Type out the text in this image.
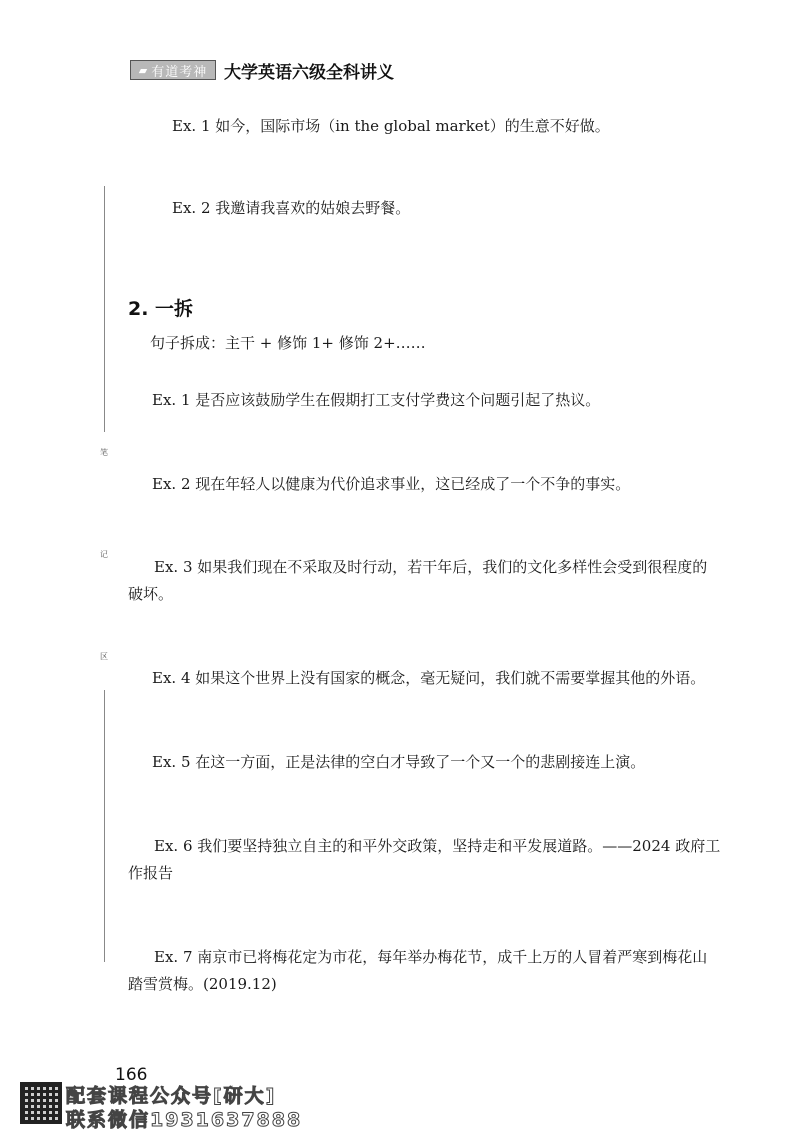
▰ 有道考神 大学英语六级全科讲义
笔
记
区
Ex. 1 如今，国际市场（in the global market）的生意不好做。
Ex. 2 我邀请我喜欢的姑娘去野餐。
2. 一拆
句子拆成：主干 + 修饰 1+ 修饰 2+……
Ex. 1 是否应该鼓励学生在假期打工支付学费这个问题引起了热议。
Ex. 2 现在年轻人以健康为代价追求事业，这已经成了一个不争的事实。
Ex. 3 如果我们现在不采取及时行动，若干年后，我们的文化多样性会受到很程度的
破坏。
Ex. 4 如果这个世界上没有国家的概念，毫无疑问，我们就不需要掌握其他的外语。
Ex. 5 在这一方面，正是法律的空白才导致了一个又一个的悲剧接连上演。
Ex. 6 我们要坚持独立自主的和平外交政策，坚持走和平发展道路。——2024 政府工
作报告
Ex. 7 南京市已将梅花定为市花，每年举办梅花节，成千上万的人冒着严寒到梅花山
踏雪赏梅。(2019.12)
166
配套课程公众号[研大]
联系微信1931637888
